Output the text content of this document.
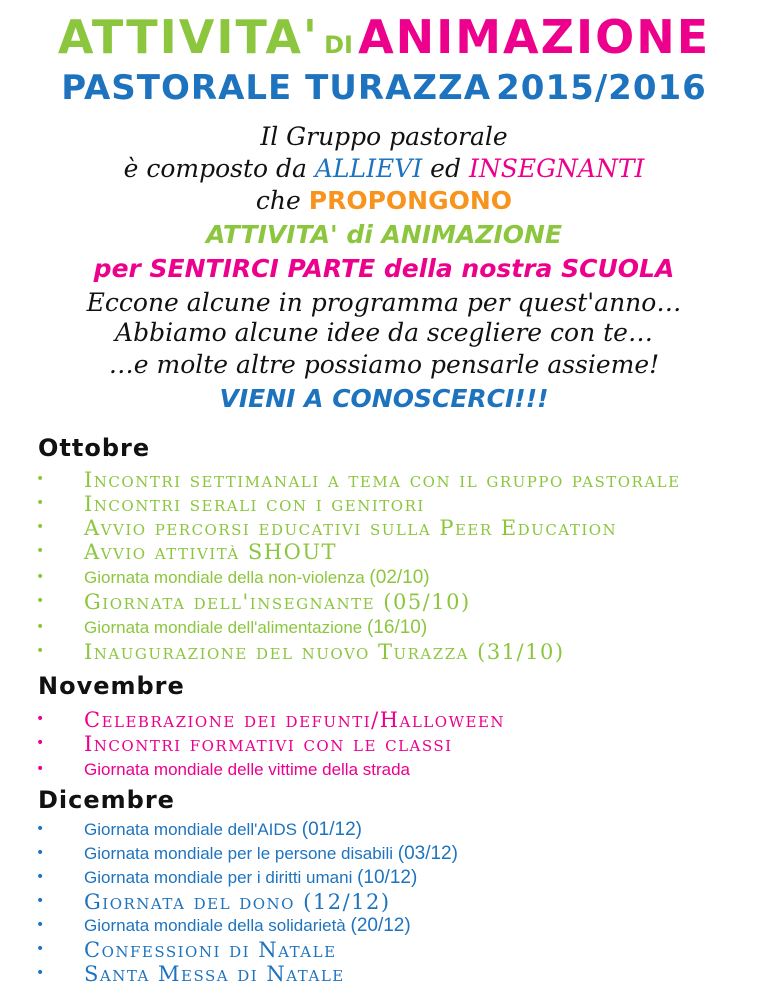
ATTIVITA' DI ANIMAZIONE
PASTORALE TURAZZA 2015/2016
Il Gruppo pastorale
è composto da ALLIEVI ed INSEGNANTI
che PROPONGONO
ATTIVITA' di ANIMAZIONE
per SENTIRCI PARTE della nostra SCUOLA
Eccone alcune in programma per quest'anno…
Abbiamo alcune idee da scegliere con te…
…e molte altre possiamo pensarle assieme!
VIENI A CONOSCERCI!!!
Ottobre
• Incontri settimanali a tema con il gruppo pastorale
• Incontri serali con i genitori
• Avvio percorsi educativi sulla Peer Education
• Avvio attività SHOUT
• Giornata mondiale della non-violenza (02/10)
• Giornata dell'insegnante (05/10)
• Giornata mondiale dell'alimentazione (16/10)
• Inaugurazione del nuovo Turazza (31/10)
Novembre
• Celebrazione dei defunti/Halloween
• Incontri formativi con le classi
• Giornata mondiale delle vittime della strada
Dicembre
• Giornata mondiale dell'AIDS (01/12)
• Giornata mondiale per le persone disabili (03/12)
• Giornata mondiale per i diritti umani (10/12)
• Giornata del dono (12/12)
• Giornata mondiale della solidarietà (20/12)
• Confessioni di Natale
• Santa Messa di Natale
